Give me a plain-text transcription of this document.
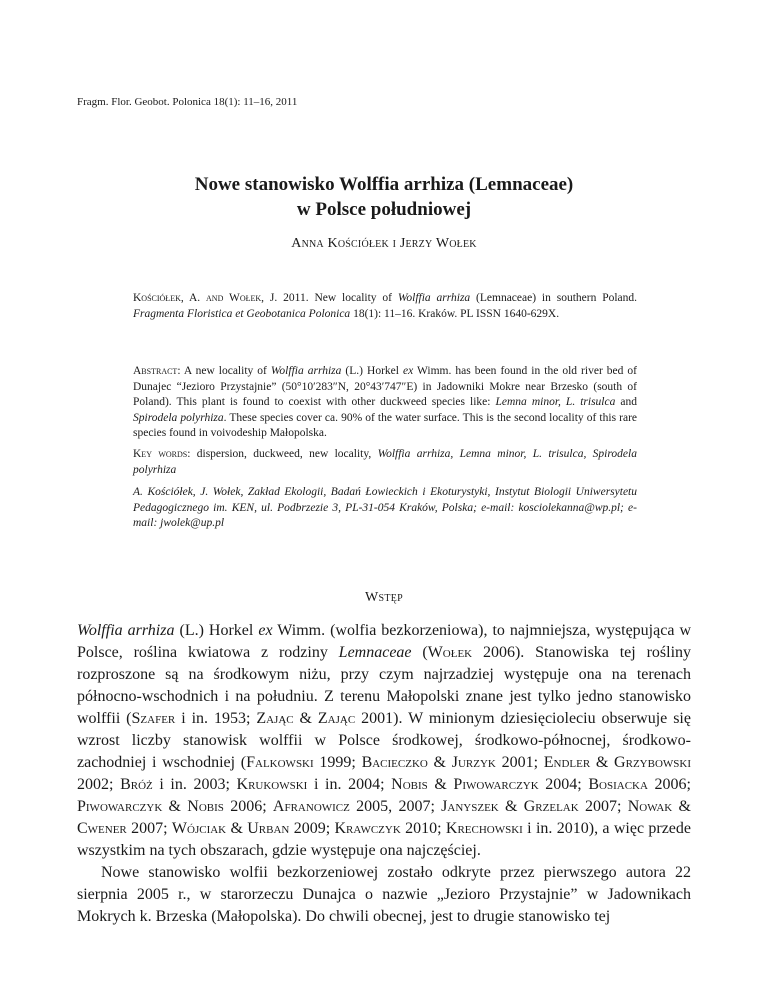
Fragm. Flor. Geobot. Polonica 18(1): 11–16, 2011
Nowe stanowisko Wolffia arrhiza (Lemnaceae)
w Polsce południowej
Anna Kościółek i Jerzy Wołek
Kościółek, A. and Wołek, J. 2011. New locality of Wolffia arrhiza (Lemnaceae) in southern Poland. Fragmenta Floristica et Geobotanica Polonica 18(1): 11–16. Kraków. PL ISSN 1640-629X.
Abstract: A new locality of Wolffia arrhiza (L.) Horkel ex Wimm. has been found in the old river bed of Dunajec “Jezioro Przystajnie” (50°10′283″N, 20°43′747″E) in Jadowniki Mokre near Brzesko (south of Poland). This plant is found to coexist with other duckweed species like: Lemna minor, L. trisulca and Spirodela polyrhiza. These species cover ca. 90% of the water surface. This is the second locality of this rare species found in voivodeship Małopolska.
Key words: dispersion, duckweed, new locality, Wolffia arrhiza, Lemna minor, L. trisulca, Spirodela polyrhiza
A. Kościółek, J. Wołek, Zakład Ekologii, Badań Łowieckich i Ekoturystyki, Instytut Biologii Uniwersytetu Pedagogicznego im. KEN, ul. Podbrzezie 3, PL-31-054 Kraków, Polska; e-mail: kosciolekanna@wp.pl; e-mail: jwolek@up.pl
Wstęp

Wolffia arrhiza (L.) Horkel ex Wimm. (wolfia bezkorzeniowa), to najmniejsza, występująca w Polsce, roślina kwiatowa z rodziny Lemnaceae (Wołek 2006). Stanowiska tej rośliny rozproszone są na środkowym niżu, przy czym najrzadziej występuje ona na terenach północno-wschodnich i na południu. Z terenu Małopolski znane jest tylko jedno stanowisko wolffii (Szafer i in. 1953; Zając & Zając 2001). W minionym dziesięcioleciu obserwuje się wzrost liczby stanowisk wolffii w Polsce środkowej, środkowo-północnej, środkowo-zachodniej i wschodniej (Falkowski 1999; Bacieczko & Jurzyk 2001; Endler & Grzybowski 2002; Bróż i in. 2003; Krukowski i in. 2004; Nobis & Piwowarczyk 2004; Bosiacka 2006; Piwowarczyk & Nobis 2006; Afranowicz 2005, 2007; Janyszek & Grzelak 2007; Nowak & Cwener 2007; Wójciak & Urban 2009; Krawczyk 2010; Krechowski i in. 2010), a więc przede wszystkim na tych obszarach, gdzie występuje ona najczęściej.

Nowe stanowisko wolfii bezkorzeniowej zostało odkryte przez pierwszego autora 22 sierpnia 2005 r., w starorzeczu Dunajca o nazwie „Jezioro Przystajnie” w Jadownikach Mokrych k. Brzeska (Małopolska). Do chwili obecnej, jest to drugie stanowisko tej
